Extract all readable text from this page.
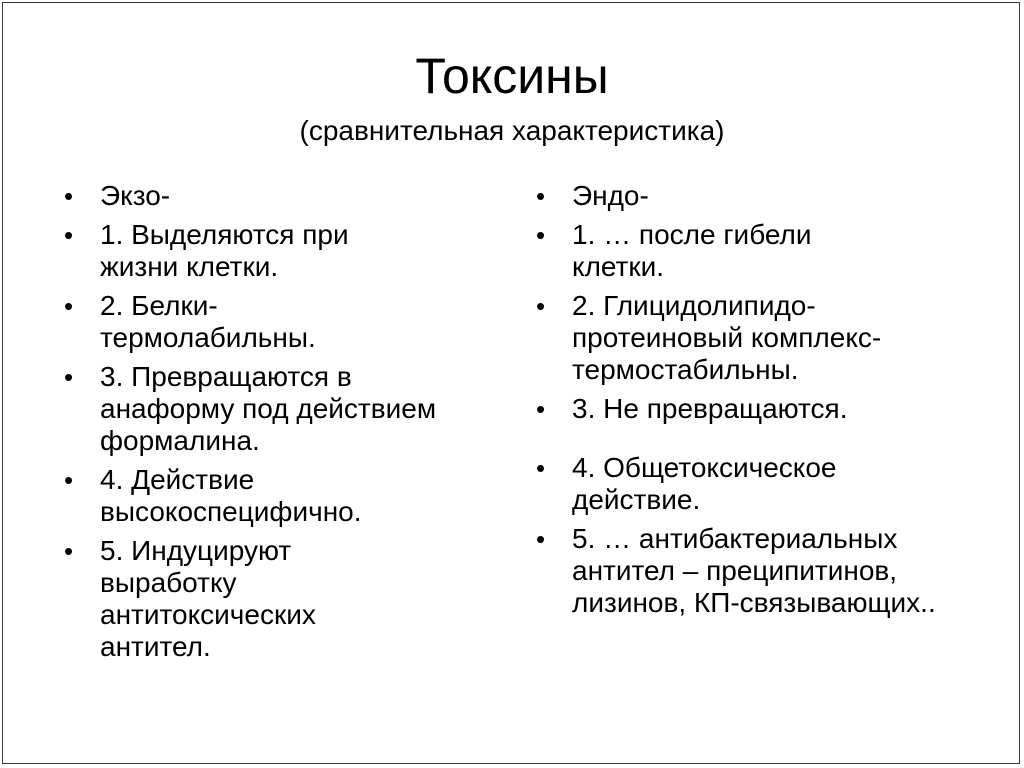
Токсины

(сравнительная характеристика)

• Экзо-
• 1. Выделяются при жизни клетки.
• 2. Белки- термолабильны.
• 3. Превращаются в анаформу под действием формалина.
• 4. Действие высокоспецифично.
• 5. Индуцируют выработку антитоксических антител.
• Эндо-
• 1. … после гибели клетки.
• 2. Глицидолипидо- протеиновый комплекс- термостабильны.
• 3. Не превращаются.
• 4. Общетоксическое действие.
• 5. … антибактериальных антител – преципитинов, лизинов, КП-связывающих..
